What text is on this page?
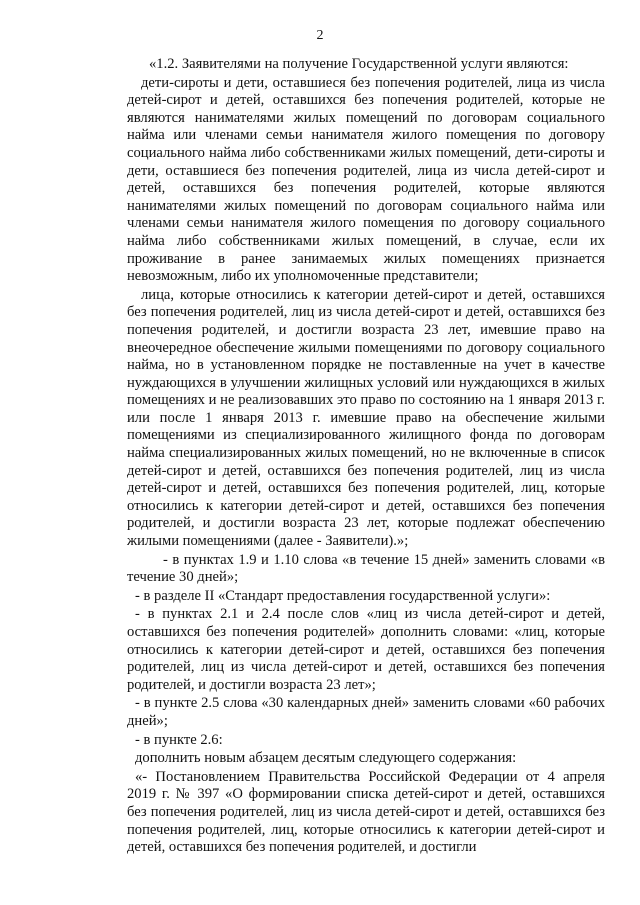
2

«1.2. Заявителями на получение Государственной услуги являются:

дети-сироты и дети, оставшиеся без попечения родителей, лица из числа детей-сирот и детей, оставшихся без попечения родителей, которые не являются нанимателями жилых помещений по договорам социального найма или членами семьи нанимателя жилого помещения по договору социального найма либо собственниками жилых помещений, дети-сироты и дети, оставшиеся без попечения родителей, лица из числа детей-сирот и детей, оставшихся без попечения родителей, которые являются нанимателями жилых помещений по договорам социального найма или членами семьи нанимателя жилого помещения по договору социального найма либо собственниками жилых помещений, в случае, если их проживание в ранее занимаемых жилых помещениях признается невозможным, либо их уполномоченные представители;

лица, которые относились к категории детей-сирот и детей, оставшихся без попечения родителей, лиц из числа детей-сирот и детей, оставшихся без попечения родителей, и достигли возраста 23 лет, имевшие право на внеочередное обеспечение жилыми помещениями по договору социального найма, но в установленном порядке не поставленные на учет в качестве нуждающихся в улучшении жилищных условий или нуждающихся в жилых помещениях и не реализовавших это право по состоянию на 1 января 2013 г. или после 1 января 2013 г. имевшие право на обеспечение жилыми помещениями из специализированного жилищного фонда по договорам найма специализированных жилых помещений, но не включенные в список детей-сирот и детей, оставшихся без попечения родителей, лиц из числа детей-сирот и детей, оставшихся без попечения родителей, лиц, которые относились к категории детей-сирот и детей, оставшихся без попечения родителей, и достигли возраста 23 лет, которые подлежат обеспечению жилыми помещениями (далее - Заявители).»;

- в пунктах 1.9 и 1.10 слова «в течение 15 дней» заменить словами «в течение 30 дней»;

- в разделе II «Стандарт предоставления государственной услуги»:

- в пунктах 2.1 и 2.4 после слов «лиц из числа детей-сирот и детей, оставшихся без попечения родителей» дополнить словами: «лиц, которые относились к категории детей-сирот и детей, оставшихся без попечения родителей, лиц из числа детей-сирот и детей, оставшихся без попечения родителей, и достигли возраста 23 лет»;

- в пункте 2.5 слова «30 календарных дней» заменить словами «60 рабочих дней»;

- в пункте 2.6:

дополнить новым абзацем десятым следующего содержания:

«- Постановлением Правительства Российской Федерации от 4 апреля 2019 г. № 397 «О формировании списка детей-сирот и детей, оставшихся без попечения родителей, лиц из числа детей-сирот и детей, оставшихся без попечения родителей, лиц, которые относились к категории детей-сирот и детей, оставшихся без попечения родителей, и достигли
